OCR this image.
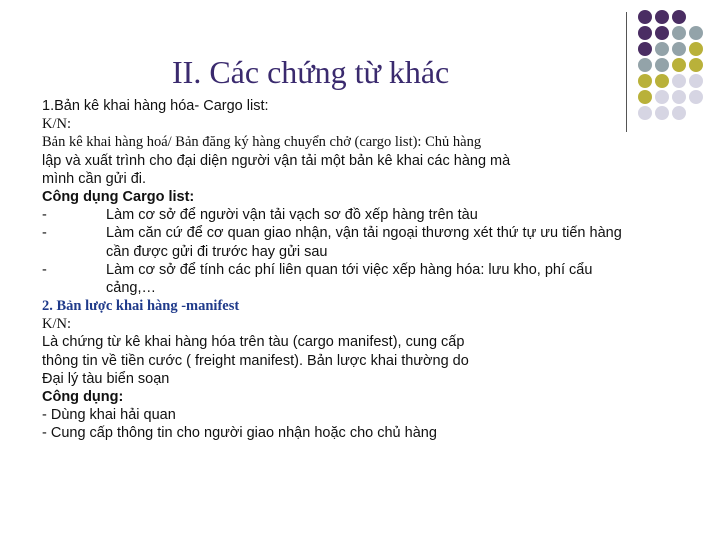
II. Các chứng từ khác
1.Bản kê khai hàng hóa- Cargo list:
K/N:
Bản kê khai hàng hoá/ Bản đăng ký hàng chuyển chở (cargo list): Chủ hàng
lập và xuất trình cho đại diện người vận tải một bản kê khai các hàng mà
mình cần gửi đi.
Công dụng Cargo list:
-	Làm cơ sở để người vận tải vạch sơ đồ xếp hàng trên tàu
-	Làm căn cứ để cơ quan giao nhận, vận tải ngoại thương xét thứ tự ưu tiến hàng
cần được gửi đi trước hay gửi sau
-	Làm cơ sở để tính các phí liên quan tới việc xếp hàng hóa: lưu kho, phí cẩu
cảng,…
2. Bản lược khai hàng -manifest
K/N:
Là chứng từ kê khai hàng hóa trên tàu (cargo manifest), cung cấp
thông tin về tiền cước ( freight manifest). Bản lược khai thường do
Đại lý tàu biển soạn
Công dụng:
- Dùng khai hải quan
- Cung cấp thông tin cho người giao nhận hoặc cho chủ hàng
